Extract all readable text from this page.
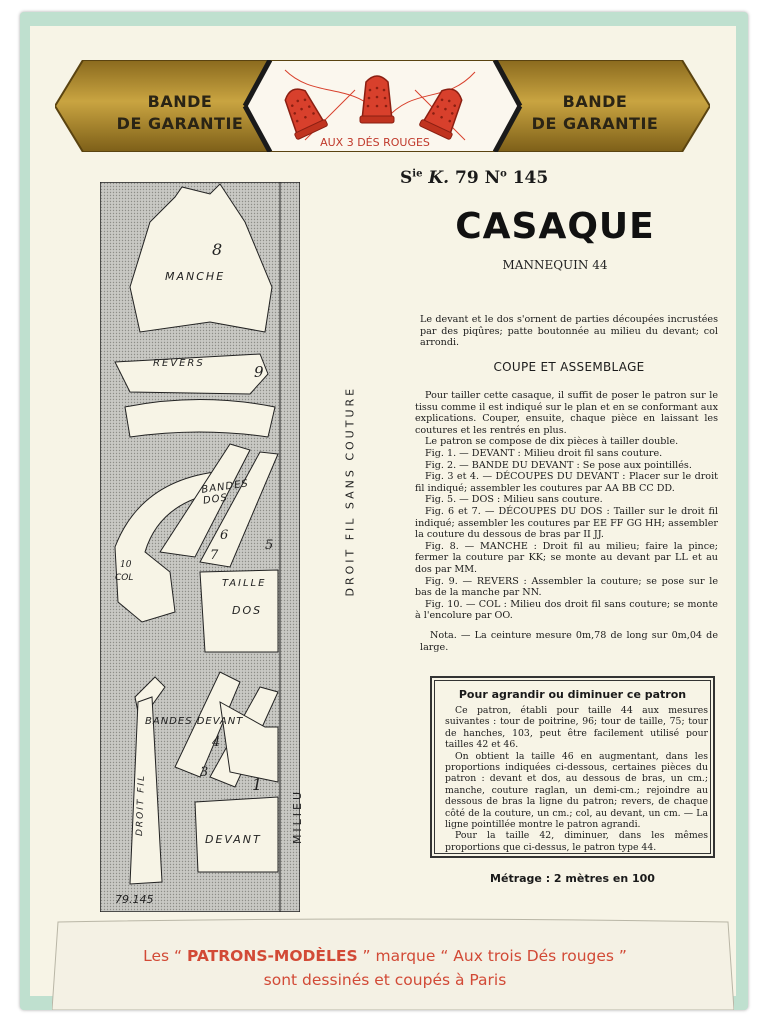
BANDE
DE GARANTIE
BANDE
DE GARANTIE
AUX 3 DÉS ROUGES
MANCHE
8
REVERS	9
BANDES DOS
COL
10
TAILLE
DOS
BANDES DEVANT
DEVANT
1
5
6
7
3
4
DROIT FIL SANS COUTURE
MILIEU
DROIT FIL
79.145
$S^{ie}$ K. 79 $N^o$ 145
CASAQUE
MANNEQUIN 44
Le devant et le dos s'ornent de parties découpées incrustées par des piqûres; patte boutonnée au milieu du devant; col arrondi.
COUPE ET ASSEMBLAGE

Pour tailler cette casaque, il suffit de poser le patron sur le tissu comme il est indiqué sur le plan et en se conformant aux explications. Couper, ensuite, chaque pièce en laissant les coutures et les rentrés en plus.

Le patron se compose de dix pièces à tailler double.

Fig. 1. — DEVANT : Milieu droit fil sans couture.

Fig. 2. — BANDE DU DEVANT : Se pose aux pointillés.

Fig. 3 et 4. — DÉCOUPES DU DEVANT : Placer sur le droit fil indiqué; assembler les coutures par AA BB CC DD.

Fig. 5. — DOS : Milieu sans couture.

Fig. 6 et 7. — DÉCOUPES DU DOS : Tailler sur le droit fil indiqué; assembler les coutures par EE FF GG HH; assembler la couture du dessous de bras par II JJ.

Fig. 8. — MANCHE : Droit fil au milieu; faire la pince; fermer la couture par KK; se monte au devant par LL et au dos par MM.

Fig. 9. — REVERS : Assembler la couture; se pose sur le bas de la manche par NN.

Fig. 10. — COL : Milieu dos droit fil sans couture; se monte à l'encolure par OO.

Nota. — La ceinture mesure 0m,78 de long sur 0m,04 de large.
Pour agrandir ou diminuer ce patron
Ce patron, établi pour taille 44 aux mesures suivantes : tour de poitrine, 96; tour de taille, 75; tour de hanches, 103, peut être facilement utilisé pour tailles 42 et 46.
On obtient la taille 46 en augmentant, dans les proportions indiquées ci-dessous, certaines pièces du patron : devant et dos, au dessous de bras, un cm.; manche, couture raglan, un demi-cm.; rejoindre au dessous de bras la ligne du patron; revers, de chaque côté de la couture, un cm.; col, au devant, un cm. — La ligne pointillée montre le patron agrandi.
Pour la taille 42, diminuer, dans les mêmes proportions que ci-dessus, le patron type 44.
Métrage : 2 mètres en 100
Les “ PATRONS-MODÈLES ” marque “ Aux trois Dés rouges ”
sont dessinés et coupés à Paris
